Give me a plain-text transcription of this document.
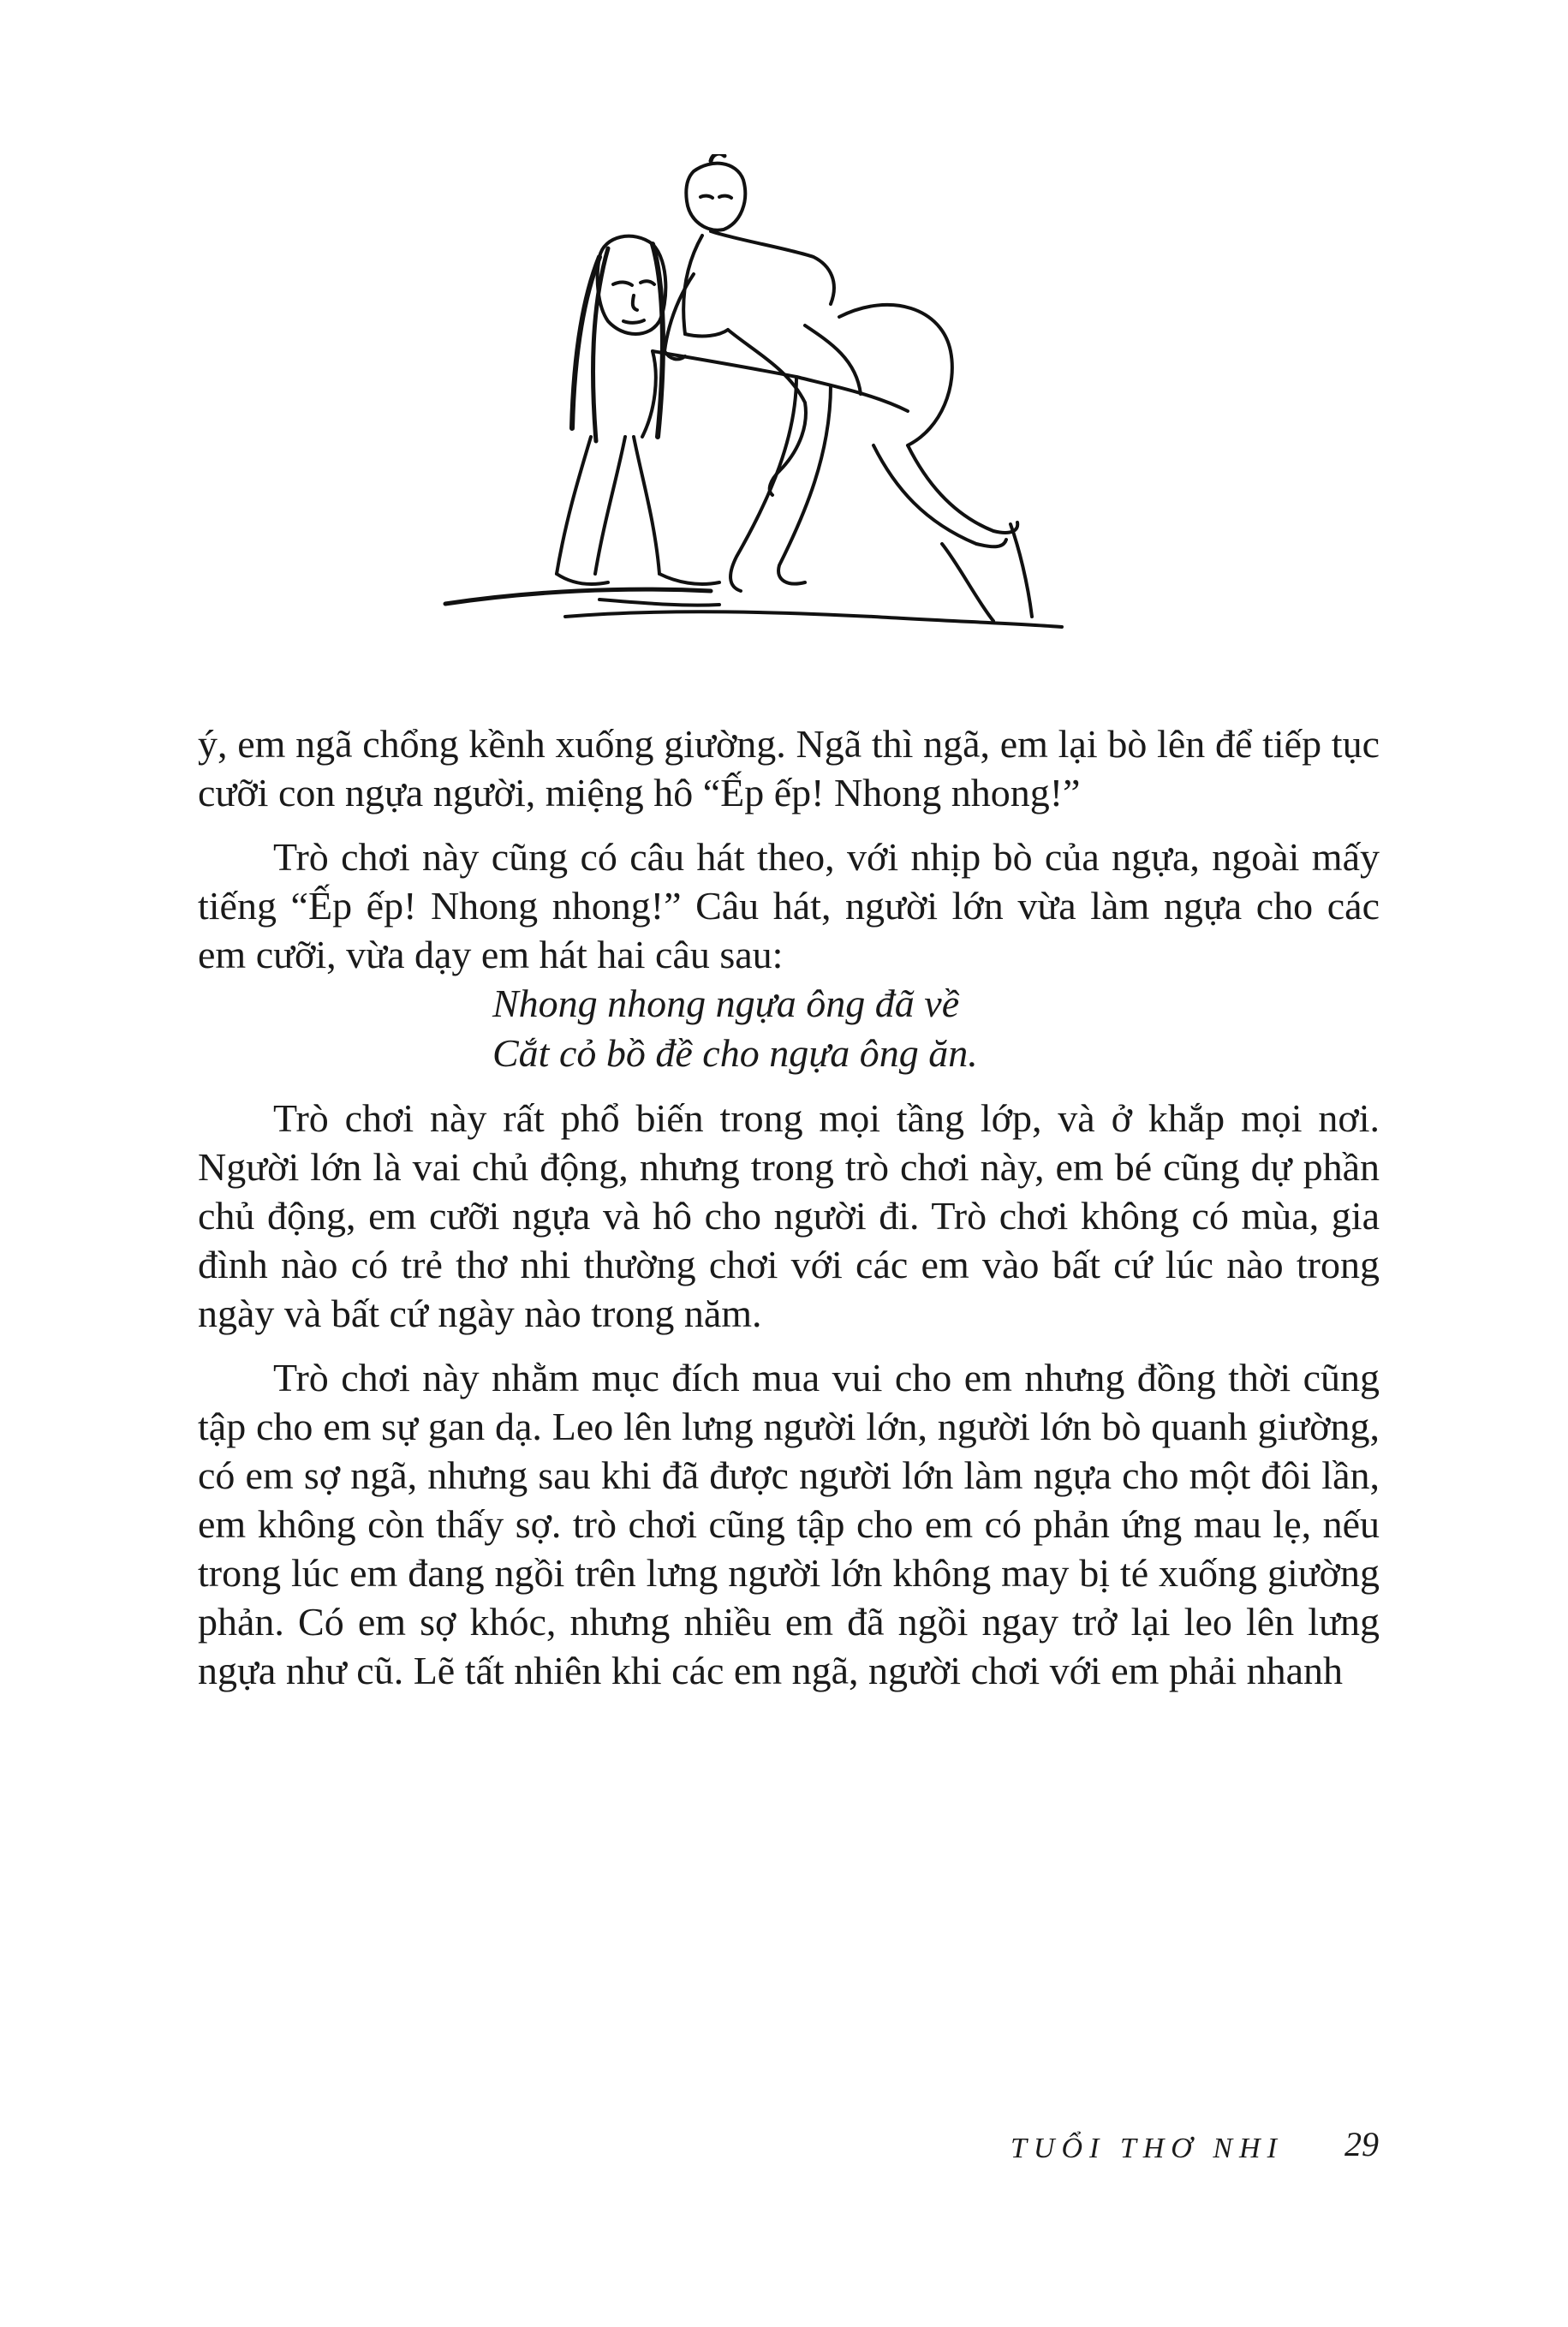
ý, em ngã chổng kềnh xuống giường. Ngã thì ngã, em lại bò lên để tiếp tục cưỡi con ngựa người, miệng hô “Ếp ếp! Nhong nhong!”

Trò chơi này cũng có câu hát theo, với nhịp bò của ngựa, ngoài mấy tiếng “Ếp ếp! Nhong nhong!” Câu hát, người lớn vừa làm ngựa cho các em cưỡi, vừa dạy em hát hai câu sau:

Nhong nhong ngựa ông đã về
Cắt cỏ bồ đề cho ngựa ông ăn.

Trò chơi này rất phổ biến trong mọi tầng lớp, và ở khắp mọi nơi. Người lớn là vai chủ động, nhưng trong trò chơi này, em bé cũng dự phần chủ động, em cưỡi ngựa và hô cho người đi. Trò chơi không có mùa, gia đình nào có trẻ thơ nhi thường chơi với các em vào bất cứ lúc nào trong ngày và bất cứ ngày nào trong năm.

Trò chơi này nhằm mục đích mua vui cho em nhưng đồng thời cũng tập cho em sự gan dạ. Leo lên lưng người lớn, người lớn bò quanh giường, có em sợ ngã, nhưng sau khi đã được người lớn làm ngựa cho một đôi lần, em không còn thấy sợ. trò chơi cũng tập cho em có phản ứng mau lẹ, nếu trong lúc em đang ngồi trên lưng người lớn không may bị té xuống giường phản. Có em sợ khóc, nhưng nhiều em đã ngồi ngay trở lại leo lên lưng ngựa như cũ. Lẽ tất nhiên khi các em ngã, người chơi với em phải nhanh

TUỔI THƠ NHI 29
